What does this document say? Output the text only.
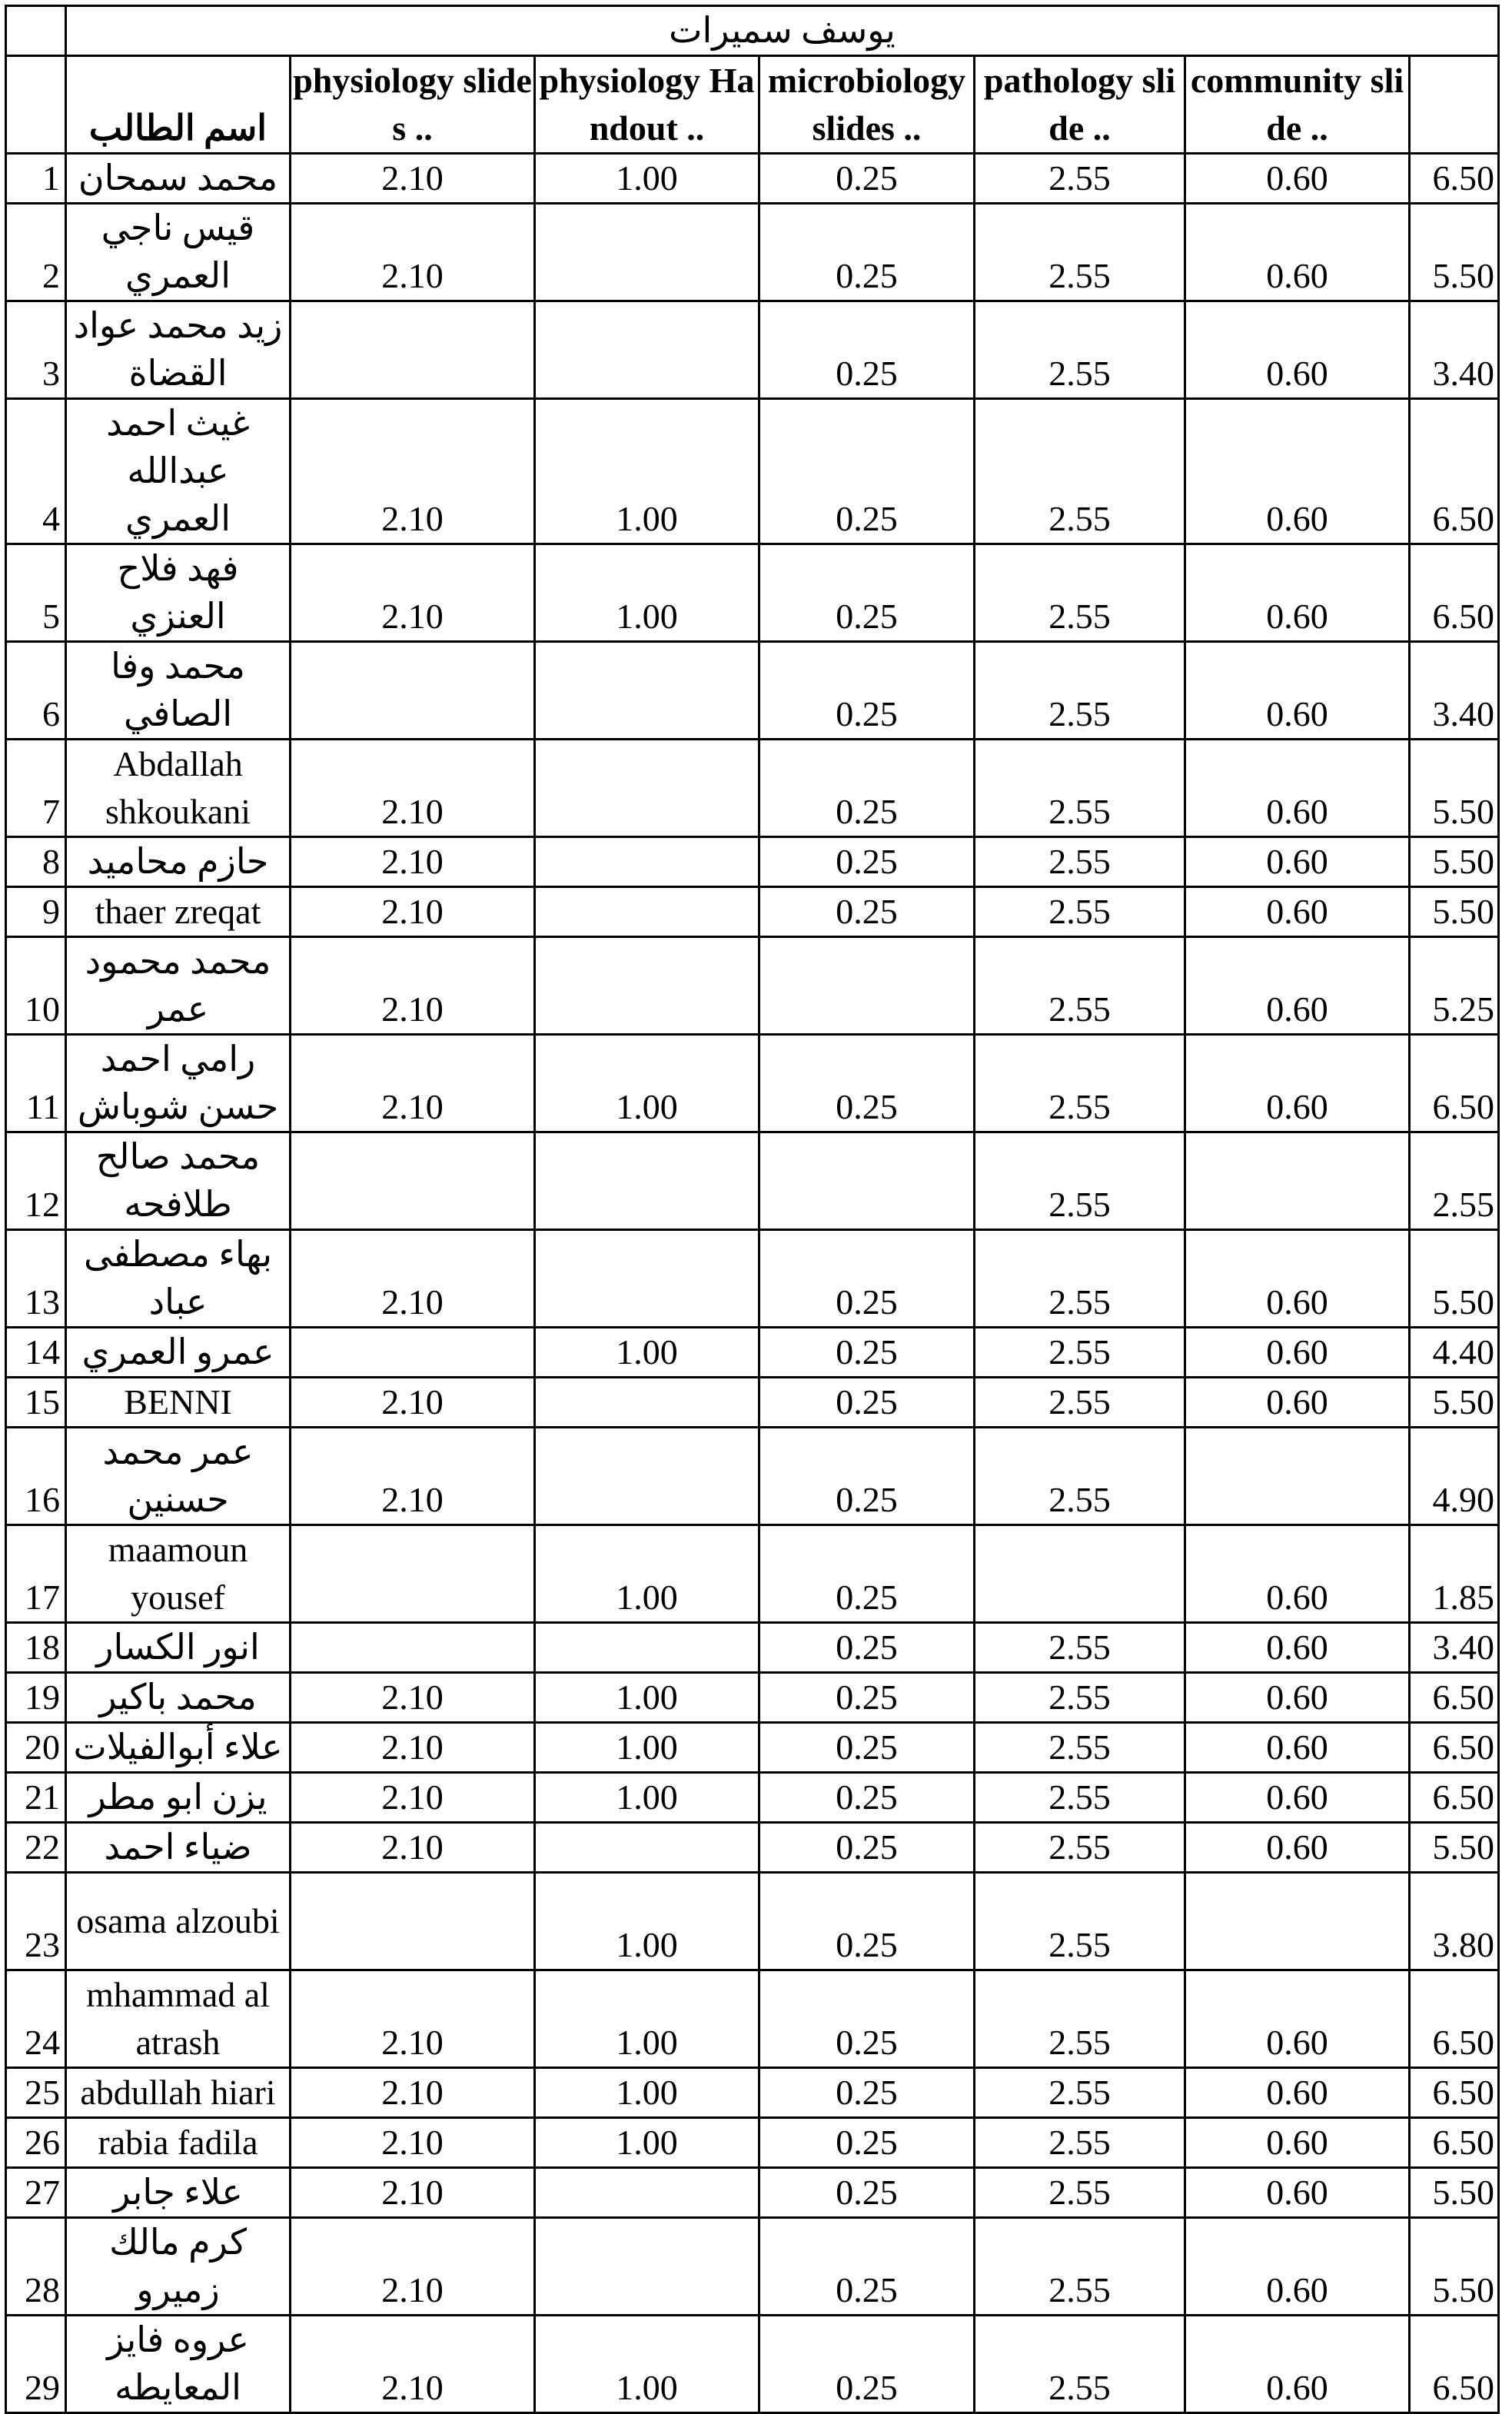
	يوسف سميرات						
	اسم الطالب	physiology slides ..	physiology Handout ..	microbiology slides ..	pathology slide ..	community slide ..	
1	محمد سمحان	2.10	1.00	0.25	2.55	0.60	6.50
2	قيس ناجي العمري	2.10		0.25	2.55	0.60	5.50
3	زيد محمد عواد القضاة			0.25	2.55	0.60	3.40
4	غيث احمد عبدالله العمري	2.10	1.00	0.25	2.55	0.60	6.50
5	فهد فلاح العنزي	2.10	1.00	0.25	2.55	0.60	6.50
6	محمد وفا الصافي			0.25	2.55	0.60	3.40
7	Abdallah shkoukani	2.10		0.25	2.55	0.60	5.50
8	حازم محاميد	2.10		0.25	2.55	0.60	5.50
9	thaer zreqat	2.10		0.25	2.55	0.60	5.50
10	محمد محمود عمر	2.10			2.55	0.60	5.25
11	رامي احمد حسن شوباش	2.10	1.00	0.25	2.55	0.60	6.50
12	محمد صالح طلافحه				2.55		2.55
13	بهاء مصطفى عباد	2.10		0.25	2.55	0.60	5.50
14	عمرو العمري		1.00	0.25	2.55	0.60	4.40
15	BENNI	2.10		0.25	2.55	0.60	5.50
16	عمر محمد حسنين	2.10		0.25	2.55		4.90
17	maamoun yousef		1.00	0.25		0.60	1.85
18	انور الكسار			0.25	2.55	0.60	3.40
19	محمد باكير	2.10	1.00	0.25	2.55	0.60	6.50
20	علاء أبوالفيلات	2.10	1.00	0.25	2.55	0.60	6.50
21	يزن ابو مطر	2.10	1.00	0.25	2.55	0.60	6.50
22	ضياء احمد	2.10		0.25	2.55	0.60	5.50
23	osama alzoubi		1.00	0.25	2.55		3.80
24	mhammad al atrash	2.10	1.00	0.25	2.55	0.60	6.50
25	abdullah hiari	2.10	1.00	0.25	2.55	0.60	6.50
26	rabia fadila	2.10	1.00	0.25	2.55	0.60	6.50
27	علاء جابر	2.10		0.25	2.55	0.60	5.50
28	كرم مالك زميرو	2.10		0.25	2.55	0.60	5.50
29	عروه فايز المعايطه	2.10	1.00	0.25	2.55	0.60	6.50
